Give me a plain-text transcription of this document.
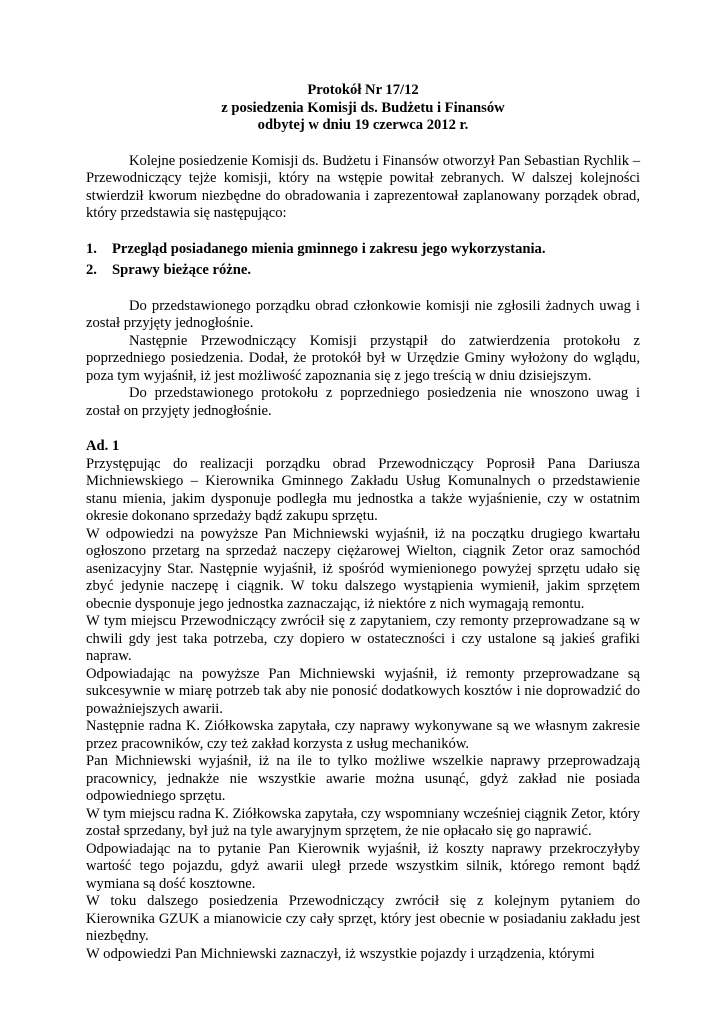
Protokół Nr 17/12

z posiedzenia Komisji ds. Budżetu i Finansów

odbytej w dniu 19 czerwca 2012 r.

Kolejne posiedzenie Komisji ds. Budżetu i Finansów otworzył Pan Sebastian Rychlik – Przewodniczący tejże komisji, który na wstępie powitał zebranych. W dalszej kolejności stwierdził kworum niezbędne do obradowania i zaprezentował zaplanowany porządek obrad, który przedstawia się następująco:

1.	Przegląd posiadanego mienia gminnego i zakresu jego wykorzystania.
2.	Sprawy bieżące różne.

Do przedstawionego porządku obrad członkowie komisji nie zgłosili żadnych uwag i został przyjęty jednogłośnie.

Następnie Przewodniczący Komisji przystąpił do zatwierdzenia protokołu z poprzedniego posiedzenia. Dodał, że protokół był w Urzędzie Gminy wyłożony do wglądu, poza tym wyjaśnił, iż jest możliwość zapoznania się z jego treścią w dniu dzisiejszym.

Do przedstawionego protokołu z poprzedniego posiedzenia nie wnoszono uwag i został on przyjęty jednogłośnie.

Ad. 1

Przystępując do realizacji porządku obrad Przewodniczący Poprosił Pana Dariusza Michniewskiego – Kierownika Gminnego Zakładu Usług Komunalnych o przedstawienie stanu mienia, jakim dysponuje podległa mu jednostka a także wyjaśnienie, czy w ostatnim okresie dokonano sprzedaży bądź zakupu sprzętu.

W odpowiedzi na powyższe Pan Michniewski wyjaśnił, iż na początku drugiego kwartału ogłoszono przetarg na sprzedaż naczepy ciężarowej Wielton, ciągnik Zetor oraz samochód asenizacyjny Star. Następnie wyjaśnił, iż spośród wymienionego powyżej sprzętu udało się zbyć jedynie naczepę i ciągnik. W toku dalszego wystąpienia wymienił, jakim sprzętem obecnie dysponuje jego jednostka zaznaczając, iż niektóre z nich wymagają remontu.

W tym miejscu Przewodniczący zwrócił się z zapytaniem, czy remonty przeprowadzane są w chwili gdy jest taka potrzeba, czy dopiero w ostateczności i czy ustalone są jakieś grafiki napraw.

Odpowiadając na powyższe Pan Michniewski wyjaśnił, iż remonty przeprowadzane są sukcesywnie w miarę potrzeb tak aby nie ponosić dodatkowych kosztów i nie doprowadzić do poważniejszych awarii.

Następnie radna K. Ziółkowska zapytała, czy naprawy wykonywane są we własnym zakresie przez pracowników, czy też zakład korzysta z usług mechaników.

Pan Michniewski wyjaśnił, iż na ile to tylko możliwe wszelkie naprawy przeprowadzają pracownicy, jednakże nie wszystkie awarie można usunąć, gdyż zakład nie posiada odpowiedniego sprzętu.

W tym miejscu radna K. Ziółkowska zapytała, czy wspomniany wcześniej ciągnik Zetor, który został sprzedany, był już na tyle awaryjnym sprzętem, że nie opłacało się go naprawić.

Odpowiadając na to pytanie Pan Kierownik wyjaśnił, iż koszty naprawy przekroczyłyby wartość tego pojazdu, gdyż awarii uległ przede wszystkim silnik, którego remont bądź wymiana są dość kosztowne.

W toku dalszego posiedzenia Przewodniczący zwrócił się z kolejnym pytaniem do Kierownika GZUK a mianowicie czy cały sprzęt, który jest obecnie w posiadaniu zakładu jest niezbędny.

W odpowiedzi Pan Michniewski zaznaczył, iż wszystkie pojazdy i urządzenia, którymi
